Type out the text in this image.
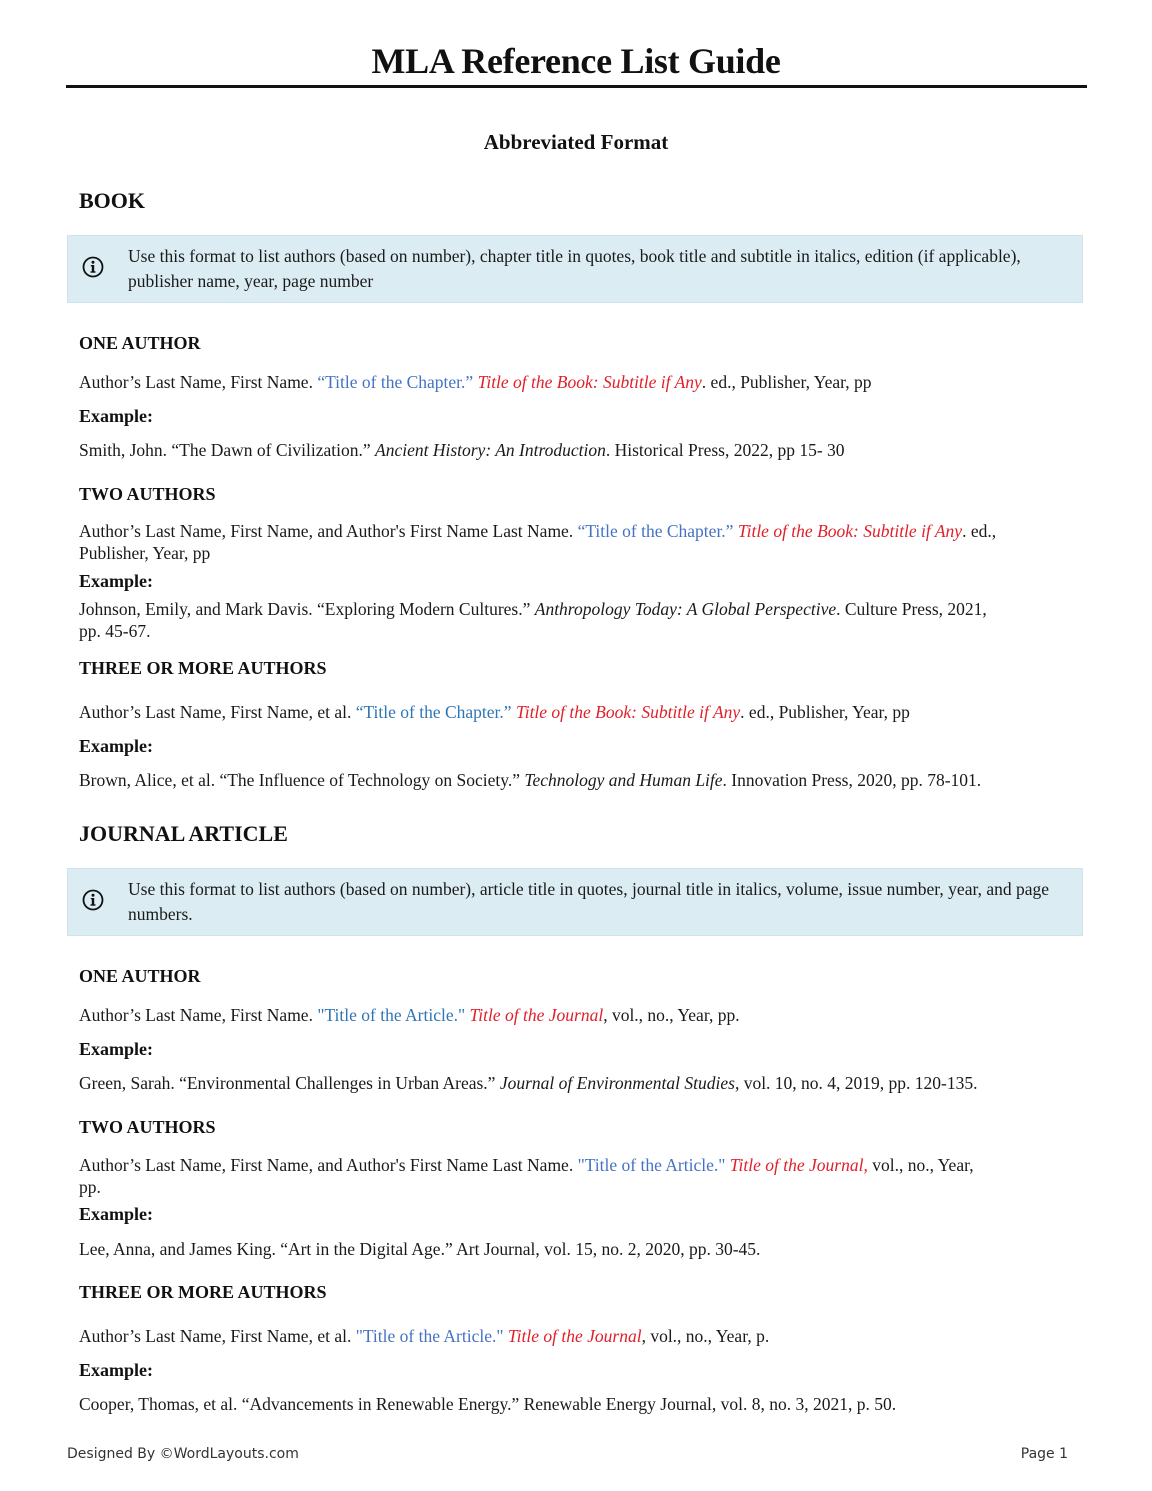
MLA Reference List Guide
Abbreviated Format
BOOK
Use this format to list authors (based on number), chapter title in quotes, book title and subtitle in italics, edition (if applicable), publisher name, year, page number
ONE AUTHOR
Author’s Last Name, First Name. “Title of the Chapter.” Title of the Book: Subtitle if Any. ed., Publisher, Year, pp
Example:
Smith, John. “The Dawn of Civilization.” Ancient History: An Introduction. Historical Press, 2022, pp 15- 30
TWO AUTHORS
Author’s Last Name, First Name, and Author's First Name Last Name. “Title of the Chapter.” Title of the Book: Subtitle if Any. ed.,
Publisher, Year, pp
Example:
Johnson, Emily, and Mark Davis. “Exploring Modern Cultures.” Anthropology Today: A Global Perspective. Culture Press, 2021,
pp. 45-67.
THREE OR MORE AUTHORS
Author’s Last Name, First Name, et al. “Title of the Chapter.” Title of the Book: Subtitle if Any. ed., Publisher, Year, pp
Example:
Brown, Alice, et al. “The Influence of Technology on Society.” Technology and Human Life. Innovation Press, 2020, pp. 78-101.
JOURNAL ARTICLE
Use this format to list authors (based on number), article title in quotes, journal title in italics, volume, issue number, year, and page numbers.
ONE AUTHOR
Author’s Last Name, First Name. "Title of the Article." Title of the Journal, vol., no., Year, pp.
Example:
Green, Sarah. “Environmental Challenges in Urban Areas.” Journal of Environmental Studies, vol. 10, no. 4, 2019, pp. 120-135.
TWO AUTHORS
Author’s Last Name, First Name, and Author's First Name Last Name. "Title of the Article." Title of the Journal, vol., no., Year,
pp.
Example:
Lee, Anna, and James King. “Art in the Digital Age.” Art Journal, vol. 15, no. 2, 2020, pp. 30-45.
THREE OR MORE AUTHORS
Author’s Last Name, First Name, et al. "Title of the Article." Title of the Journal, vol., no., Year, p.
Example:
Cooper, Thomas, et al. “Advancements in Renewable Energy.” Renewable Energy Journal, vol. 8, no. 3, 2021, p. 50.
Designed By ©WordLayouts.com	Page 1
